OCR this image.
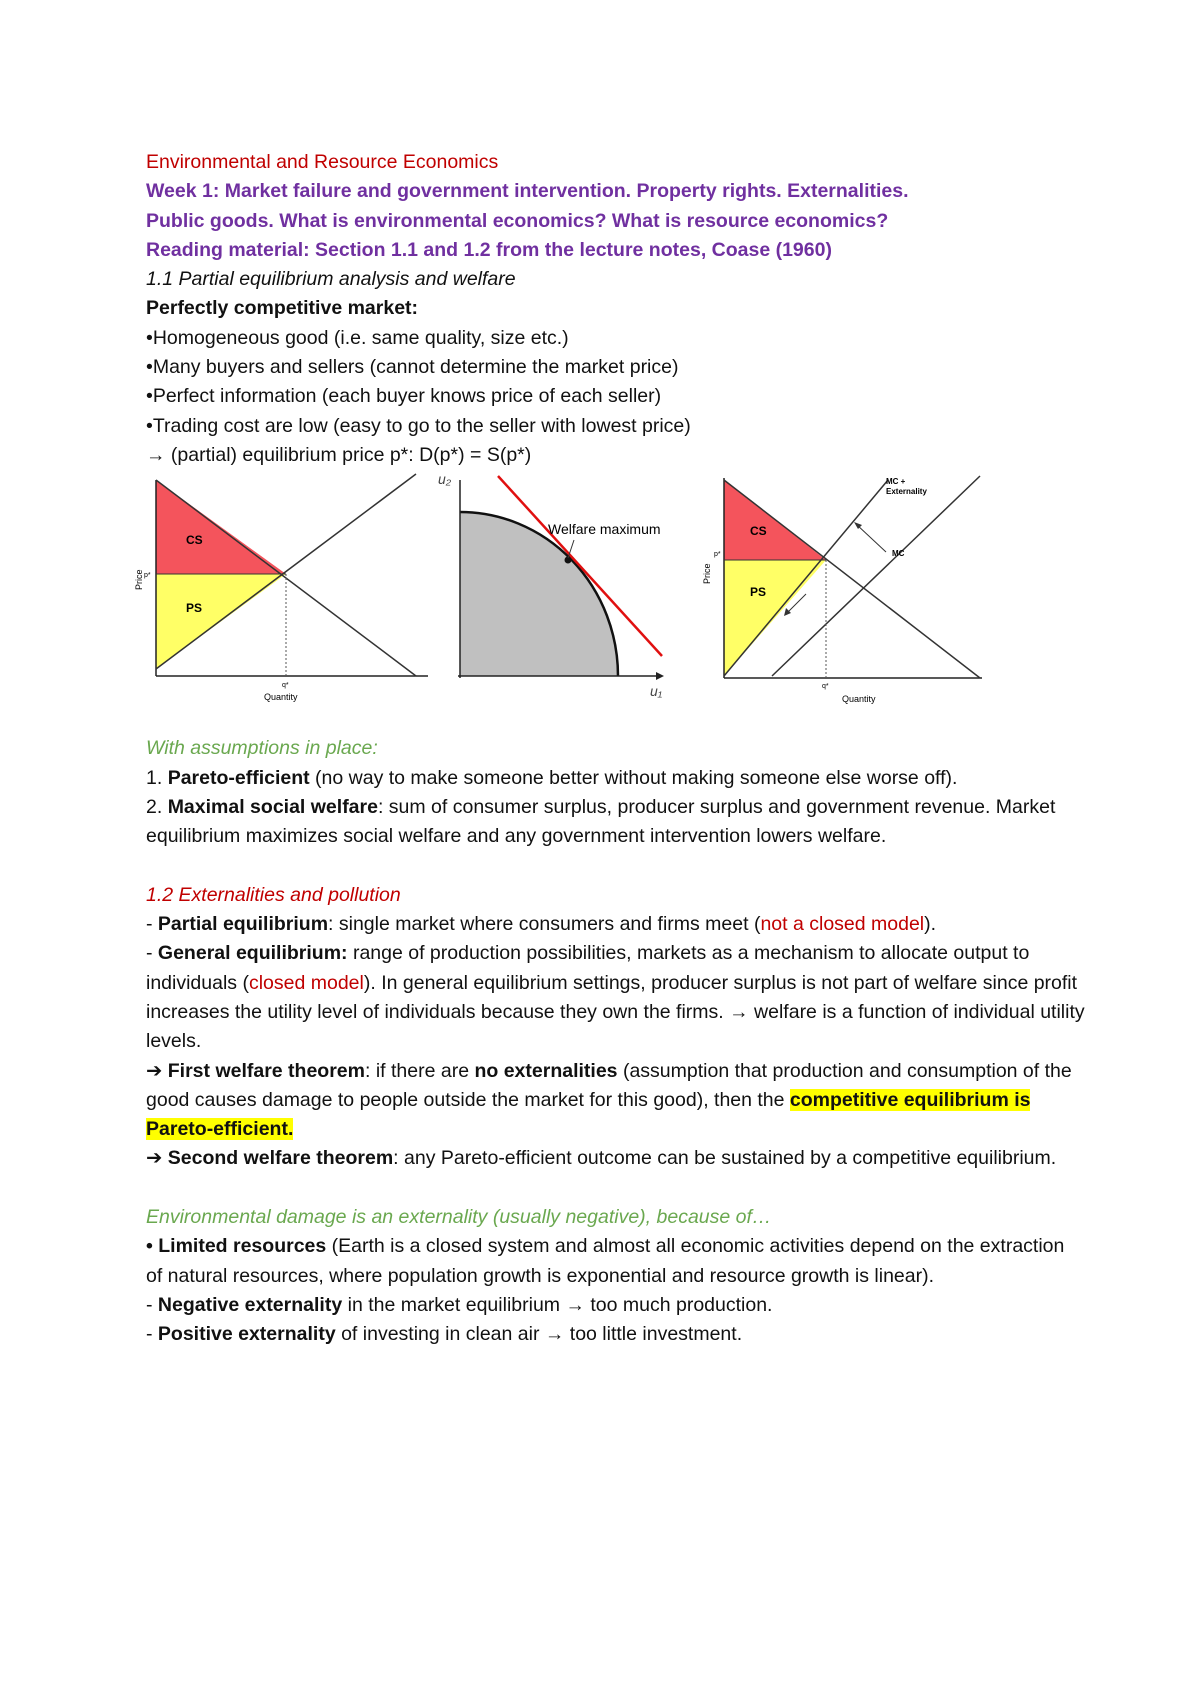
Environmental and Resource Economics
Week 1: Market failure and government intervention. Property rights. Externalities.
Public goods. What is environmental economics? What is resource economics?
Reading material: Section 1.1 and 1.2 from the lecture notes, Coase (1960)
1.1 Partial equilibrium analysis and welfare
Perfectly competitive market:
•Homogeneous good (i.e. same quality, size etc.)
•Many buyers and sellers (cannot determine the market price)
•Perfect information (each buyer knows price of each seller)
•Trading cost are low (easy to go to the seller with lowest price)
→ (partial) equilibrium price p*: D(p*) = S(p*)
CS
PS
p*
q*
Quantity
Price
Welfare maximum
u₂
u₁
CS
PS
MC +
Externality
MC
p*
q*
Quantity
Price
With assumptions in place:
1. Pareto-efficient (no way to make someone better without making someone else worse off).
2. Maximal social welfare: sum of consumer surplus, producer surplus and government revenue. Market equilibrium maximizes social welfare and any government intervention lowers welfare.
1.2 Externalities and pollution
- Partial equilibrium: single market where consumers and firms meet (not a closed model).
- General equilibrium: range of production possibilities, markets as a mechanism to allocate output to individuals (closed model). In general equilibrium settings, producer surplus is not part of welfare since profit increases the utility level of individuals because they own the firms. → welfare is a function of individual utility levels.
➔ First welfare theorem: if there are no externalities (assumption that production and consumption of the good causes damage to people outside the market for this good), then the competitive equilibrium is Pareto-efficient.
➔ Second welfare theorem: any Pareto-efficient outcome can be sustained by a competitive equilibrium.
Environmental damage is an externality (usually negative), because of…
• Limited resources (Earth is a closed system and almost all economic activities depend on the extraction of natural resources, where population growth is exponential and resource growth is linear).
- Negative externality in the market equilibrium → too much production.
- Positive externality of investing in clean air → too little investment.
